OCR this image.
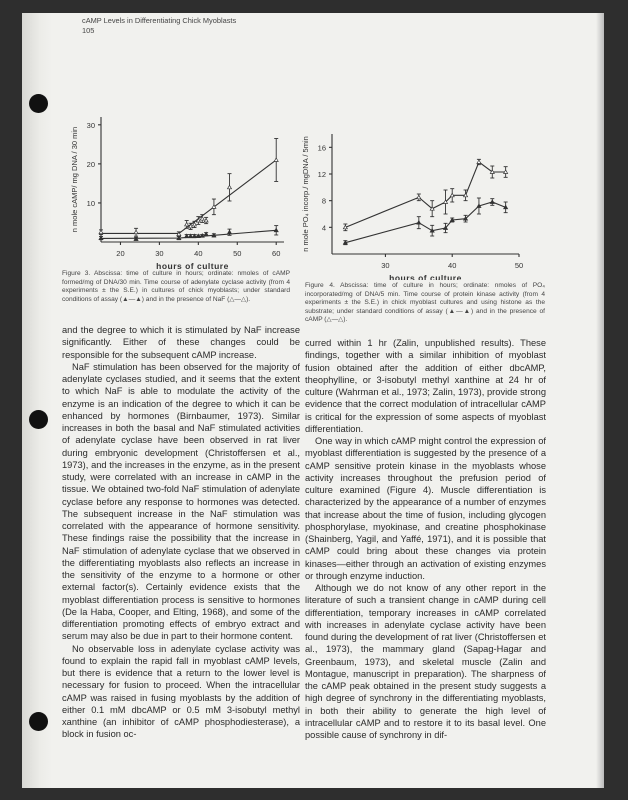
cAMP Levels in Differentiating Chick Myoblasts
105
20	30	40	50	60
10
20
30
hours of culture
n mole cAMP/ mg DNA / 30 min
30	40	50
4
8
12
16
hours of culture
n mole PO₄ incorp./ mgDNA / 5min
Figure 3. Abscissa: time of culture in hours; ordinate: nmoles of cAMP formed/mg of DNA/30 min. Time course of adenylate cyclase activity (from 4 experiments ± the S.E.) in cultures of chick myoblasts; under standard conditions of assay (▲—▲) and in the presence of NaF (△—△).
Figure 4. Abscissa: time of culture in hours; ordinate: nmoles of PO₄ incorporated/mg of DNA/5 min. Time course of protein kinase activity (from 4 experiments ± the S.E.) in chick myoblast cultures and using histone as the substrate; under standard conditions of assay (▲—▲) and in the presence of cAMP (△—△).

and the degree to which it is stimulated by NaF increase significantly. Either of these changes could be responsible for the subsequent cAMP increase.

NaF stimulation has been observed for the majority of adenylate cyclases studied, and it seems that the extent to which NaF is able to modulate the activity of the enzyme is an indication of the degree to which it can be enhanced by hormones (Birnbaumer, 1973). Similar increases in both the basal and NaF stimulated activities of adenylate cyclase have been observed in rat liver during embryonic development (Christoffersen et al., 1973), and the increases in the enzyme, as in the present study, were correlated with an increase in cAMP in the tissue. We obtained two-fold NaF stimulation of adenylate cyclase before any response to hormones was detected. The subsequent increase in the NaF stimulation was correlated with the appearance of hormone sensitivity. These findings raise the possibility that the increase in NaF stimulation of adenylate cyclase that we observed in the differentiating myoblasts also reflects an increase in the sensitivity of the enzyme to a hormone or other external factor(s). Certainly evidence exists that the myoblast differentiation process is sensitive to hormones (De la Haba, Cooper, and Elting, 1968), and some of the differentiation promoting effects of embryo extract and serum may also be due in part to their hormone content.

No observable loss in adenylate cyclase activity was found to explain the rapid fall in myoblast cAMP levels, but there is evidence that a return to the lower level is necessary for fusion to proceed. When the intracellular cAMP was raised in fusing myoblasts by the addition of either 0.1 mM dbcAMP or 0.5 mM 3-isobutyl methyl xanthine (an inhibitor of cAMP phosphodiesterase), a block in fusion oc-

curred within 1 hr (Zalin, unpublished results). These findings, together with a similar inhibition of myoblast fusion obtained after the addition of either dbcAMP, theophylline, or 3-isobutyl methyl xanthine at 24 hr of culture (Wahrman et al., 1973; Zalin, 1973), provide strong evidence that the correct modulation of intracellular cAMP is critical for the expression of some aspects of myoblast differentiation.

One way in which cAMP might control the expression of myoblast differentiation is suggested by the presence of a cAMP sensitive protein kinase in the myoblasts whose activity increases throughout the prefusion period of culture examined (Figure 4). Muscle differentiation is characterized by the appearance of a number of enzymes that increase about the time of fusion, including glycogen phosphorylase, myokinase, and creatine phosphokinase (Shainberg, Yagil, and Yaffé, 1971), and it is possible that cAMP could bring about these changes via protein kinases—either through an activation of existing enzymes or through enzyme induction.

Although we do not know of any other report in the literature of such a transient change in cAMP during cell differentiation, temporary increases in cAMP correlated with increases in adenylate cyclase activity have been found during the development of rat liver (Christoffersen et al., 1973), the mammary gland (Sapag-Hagar and Greenbaum, 1973), and skeletal muscle (Zalin and Montague, manuscript in preparation). The sharpness of the cAMP peak obtained in the present study suggests a high degree of synchrony in the differentiating myoblasts, in both their ability to generate the high level of intracellular cAMP and to restore it to its basal level. One possible cause of synchrony in dif-
